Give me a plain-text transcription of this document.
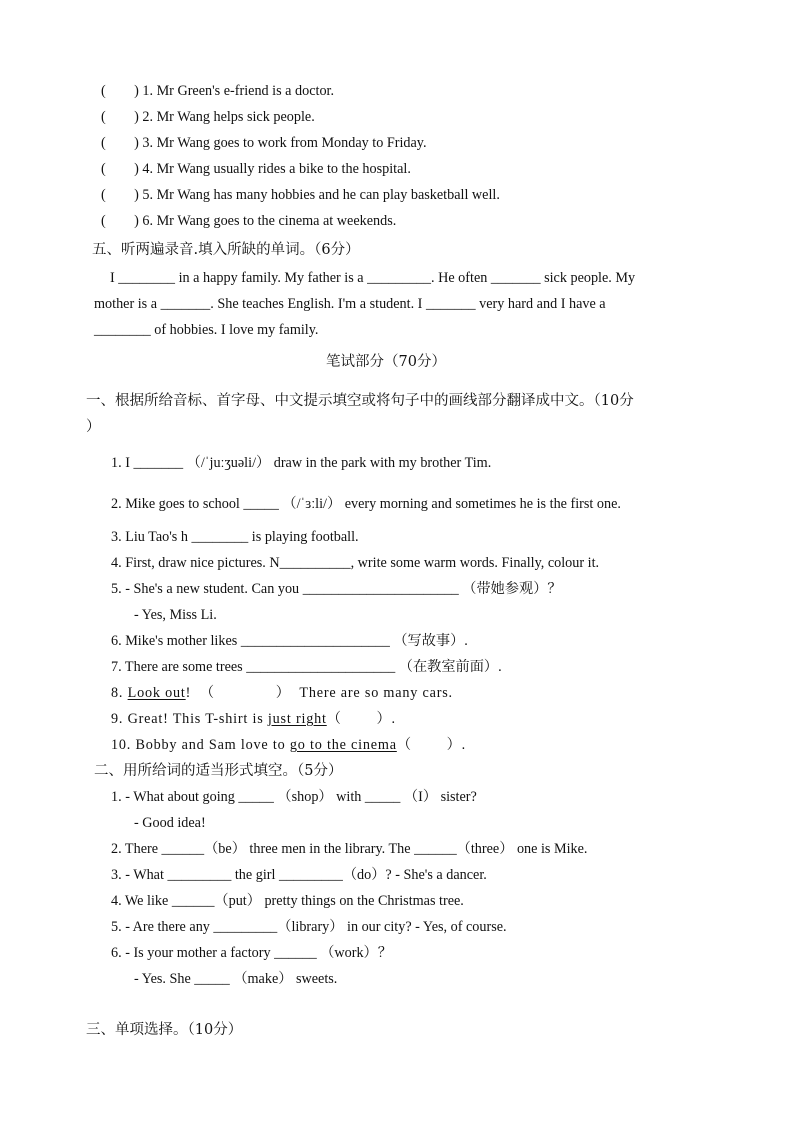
(        ) 1. Mr Green's e-friend is a doctor.
(        ) 2. Mr Wang helps sick people.
(        ) 3. Mr Wang goes to work from Monday to Friday.
(        ) 4. Mr Wang usually rides a bike to the hospital.
(        ) 5. Mr Wang has many hobbies and he can play basketball well.
(        ) 6. Mr Wang goes to the cinema at weekends.
五、听两遍录音.填入所缺的单词。（6分）
I ________ in a happy family. My father is a _________. He often _______ sick people. My
mother is a _______. She teaches English. I'm a student. I _______ very hard and I have a
________ of hobbies. I love my family.
笔试部分（70分）
一、根据所给音标、首字母、中文提示填空或将句子中的画线部分翻译成中文。（10分
）
1. I _______ （/ˈjuːʒuəli/） draw in the park with my brother Tim.
2. Mike goes to school _____ （/ˈɜːli/） every morning and sometimes he is the first one.
3. Liu Tao's h ________ is playing football.
4. First, draw nice pictures. N__________, write some warm words. Finally, colour it.
5. - She's a new student. Can you ______________________ （带她参观）？
- Yes, Miss Li.
6. Mike's mother likes _____________________ （写故事）.
7. There are some trees _____________________ （在教室前面）.
8. Look out!  （              ）  There are so many cars.
9. Great! This T-shirt is just right（        ）.
10. Bobby and Sam love to go to the cinema（        ）.
二、用所给词的适当形式填空。（5分）
1. - What about going _____ （shop） with _____ （I） sister?
- Good idea!
2. There ______（be） three men in the library. The ______（three） one is Mike.
3. - What _________ the girl _________（do）? - She's a dancer.
4. We like ______（put） pretty things on the Christmas tree.
5. - Are there any _________（library） in our city? - Yes, of course.
6. - Is your mother a factory ______ （work）？
- Yes. She _____ （make） sweets.
三、单项选择。（10分）
